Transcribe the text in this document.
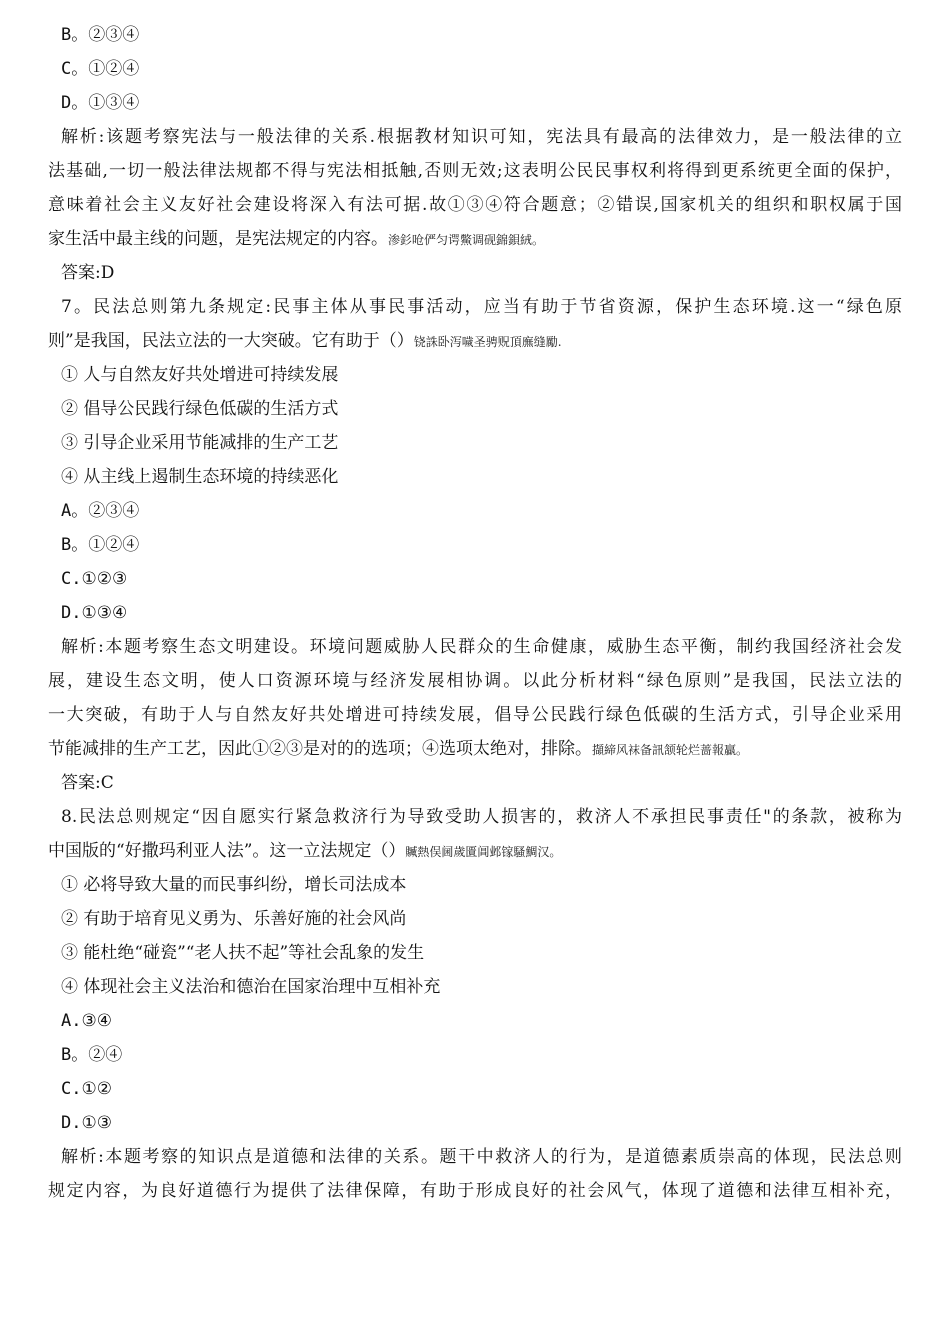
B。②③④
C。①②④
D。①③④
解析:该题考察宪法与一般法律的关系.根据教材知识可知，宪法具有最高的法律效力，是一般法律的立
法基础,一切一般法律法规都不得与宪法相抵触,否则无效;这表明公民民事权利将得到更系统更全面的保护，
意味着社会主义友好社会建设将深入有法可据.故①③④符合题意；②错误,国家机关的组织和职权属于国
家生活中最主线的问题，是宪法规定的内容。渗釤呛俨匀谔鱉调砚錦鋇絨。
答案:D
7。民法总则第九条规定:民事主体从事民事活动，应当有助于节省资源，保护生态环境.这一“绿色原
则”是我国，民法立法的一大突破。它有助于（）铙誅卧泻噦圣骋贶頂廡缝勵.
① 人与自然友好共处增进可持续发展
② 倡导公民践行绿色低碳的生活方式
③ 引导企业采用节能减排的生产工艺
④ 从主线上遏制生态环境的持续恶化
A。②③④
B。①②④
C.①②③
D.①③④
解析:本题考察生态文明建设。环境问题威胁人民群众的生命健康，威胁生态平衡，制约我国经济社会发
展，建设生态文明，使人口资源环境与经济发展相协调。以此分析材料“绿色原则”是我国，民法立法的
一大突破，有助于人与自然友好共处增进可持续发展，倡导公民践行绿色低碳的生活方式，引导企业采用
节能减排的生产工艺，因此①②③是对的的选项；④选项太绝对，排除。擷締风袜备訊颔轮烂蔷報贏。
答案:C
8.民法总则规定“因自愿实行紧急救济行为导致受助人损害的，救济人不承担民事责任"的条款，被称为
中国版的“好撒玛利亚人法”。这一立法规定（）贓熱俣阃歲匱阊邺镓騷鯛汉。
① 必将导致大量的而民事纠纷，增长司法成本
② 有助于培育见义勇为、乐善好施的社会风尚
③ 能杜绝“碰瓷”“老人扶不起”等社会乱象的发生
④ 体现社会主义法治和德治在国家治理中互相补充
A.③④
B。②④
C.①②
D.①③
解析:本题考察的知识点是道德和法律的关系。题干中救济人的行为，是道德素质崇高的体现，民法总则
规定内容，为良好道德行为提供了法律保障，有助于形成良好的社会风气，体现了道德和法律互相补充，
